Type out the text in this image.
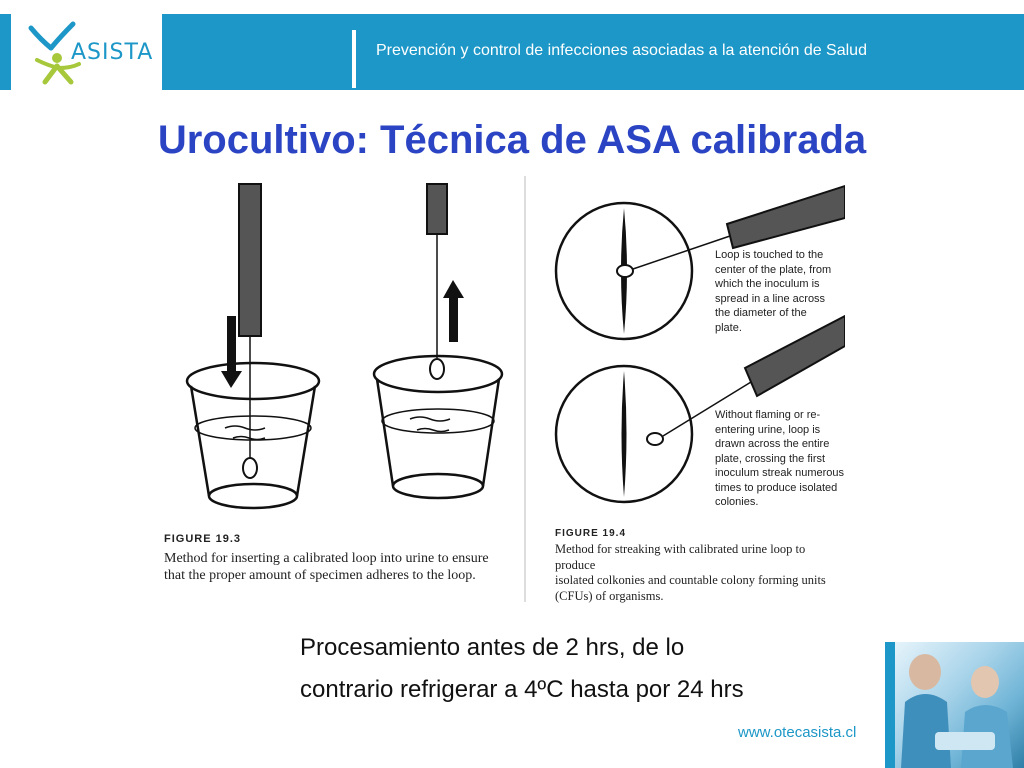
ASISTA	Prevención y control de infecciones asociadas a la atención de Salud
Urocultivo: Técnica de ASA calibrada
FIGURE 19.3
Method for inserting a calibrated loop into urine to ensure
that the proper amount of specimen adheres to the loop.
Loop is touched to the
center of the plate, from
which the inoculum is
spread in a line across
the diameter of the
plate.
Without flaming or re-
entering urine, loop is
drawn across the entire
plate, crossing the first
inoculum streak numerous
times to produce isolated
colonies.
FIGURE 19.4
Method for streaking with calibrated urine loop to produce
isolated colkonies and countable colony forming units
(CFUs) of organisms.
Procesamiento antes de 2 hrs, de lo
contrario refrigerar a 4ºC hasta por 24 hrs
www.otecasista.cl
